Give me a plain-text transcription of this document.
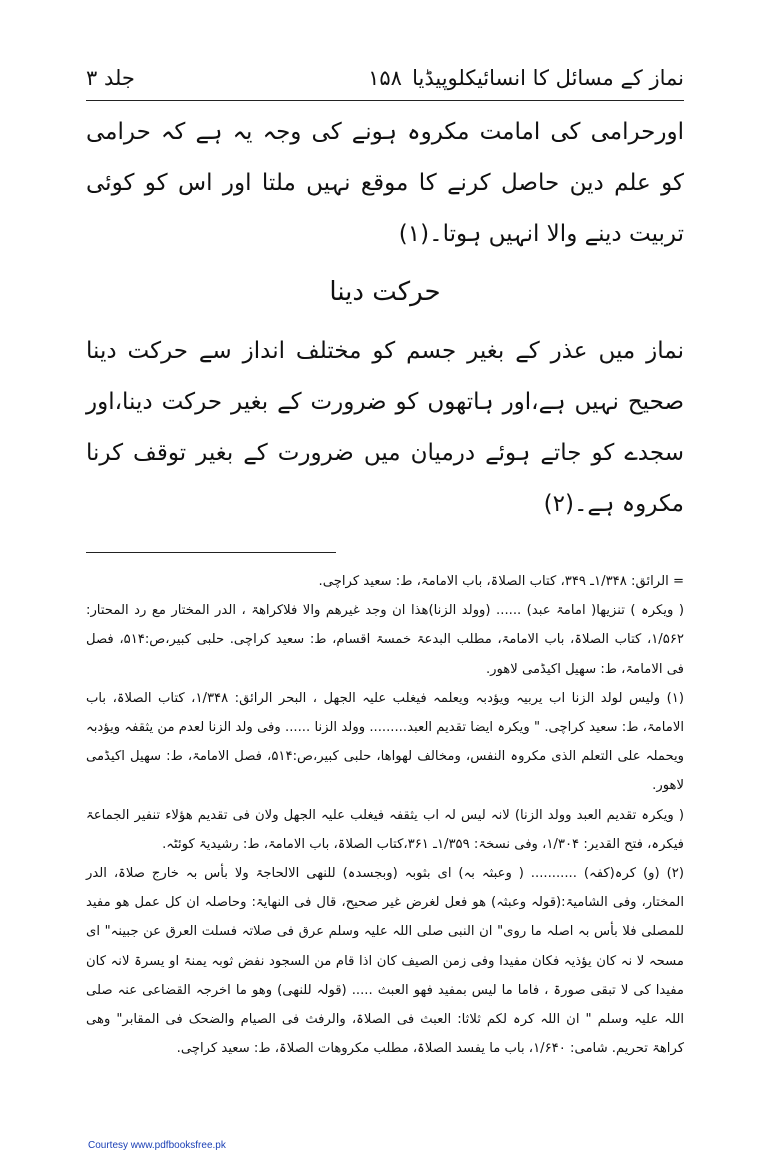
نماز کے مسائل کا انسائیکلوپیڈیا
۱۵۸
جلد ۳
اورحرامی کی امامت مکروہ ہونے کی وجہ یہ ہے کہ حرامی کو علم دین حاصل کرنے کا موقع نہیں ملتا اور اس کو کوئی تربیت دینے والا انہیں ہوتا۔(۱)
حرکت دینا
نماز میں عذر کے بغیر جسم کو مختلف انداز سے حرکت دینا صحیح نہیں ہے،اور ہاتھوں کو ضرورت کے بغیر حرکت دینا،اور سجدے کو جاتے ہوئے درمیان میں ضرورت کے بغیر توقف کرنا مکروہ ہے۔(۲)

= الرائق: ۱/۳۴۸ـ ۳۴۹، کتاب الصلاۃ، باب الامامۃ، ط: سعید کراچی.

( ویکرہ ) تنزیھا( امامۃ عبد) ...... (وولد الزنا)ھذا ان وجد غیرھم والا فلاکراھۃ ، الدر المختار مع رد المحتار: ۱/۵۶۲، کتاب الصلاۃ، باب الامامۃ، مطلب البدعۃ خمسۃ اقسام، ط: سعید کراچی. حلبی کبیر،ص:۵۱۴، فصل فی الامامۃ، ط: سھیل اکیڈمی لاھور.

(۱) ولیس لولد الزنا اب یربیہ ویؤدبہ ویعلمہ فیغلب علیہ الجھل ، البحر الرائق: ۱/۳۴۸، کتاب الصلاۃ، باب الامامۃ، ط: سعید کراچی. " ویکرہ ایضا تقدیم العبد......... وولد الزنا ...... وفی ولد الزنا لعدم من یثقفہ ویؤدبہ ویحملہ علی التعلم الذی مکروہ النفس، ومخالف لھواھا، حلبی کبیر،ص:۵۱۴، فصل الامامۃ، ط: سھیل اکیڈمی لاھور.

( ویکرہ تقدیم العبد وولد الزنا) لانہ لیس لہ اب یثقفہ فیغلب علیہ الجھل ولان فی تقدیم ھؤلاء تنفیر الجماعۃ فیکرہ، فتح القدیر: ۱/۳۰۴، وفی نسخۃ: ۱/۳۵۹ـ ۳۶۱،کتاب الصلاۃ، باب الامامۃ، ط: رشیدیۃ کوئٹہ.

(۲) (و) کرہ(کفہ) ........... ( وعبثہ بہ) ای بثوبہ (وبجسدہ) للنھی الالحاجۃ ولا بأس بہ خارج صلاۃ، الدر المختار، وفی الشامیۃ:(قولہ وعبثہ) ھو فعل لغرض غیر صحیح، قال فی النھایۃ: وحاصلہ ان کل عمل ھو مفید للمصلی فلا بأس بہ اصلہ ما روی" ان النبی صلی اللہ علیہ وسلم عرق فی صلاتہ فسلت العرق عن جبینہ" ای مسحہ لا نہ کان یؤذیہ فکان مفیدا وفی زمن الصیف کان اذا قام من السجود نفض ثوبہ یمنۃ او یسرۃ لانہ کان مفیدا کی لا تبقی صورۃ ، فاما ما لیس بمفید فھو العبث ..... (قولہ للنھی) وھو ما اخرجہ القضاعی عنہ صلی اللہ علیہ وسلم " ان اللہ کرہ لکم ثلاثا: العبث فی الصلاۃ، والرفث فی الصیام والضحک فی المقابر" وھی کراھۃ تحریم. شامی: ۱/۶۴۰، باب ما یفسد الصلاۃ، مطلب مکروھات الصلاۃ، ط: سعید کراچی.

Courtesy www.pdfbooksfree.pk
